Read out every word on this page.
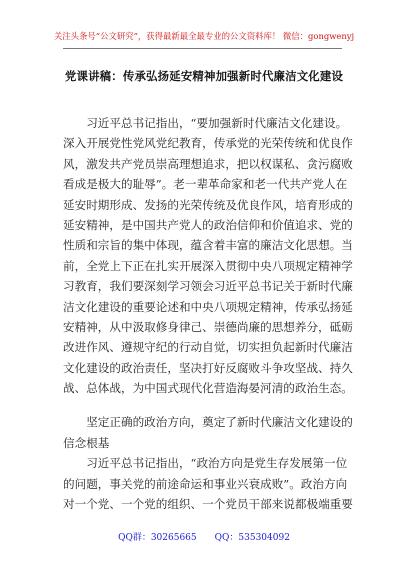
关注头条号“公文研究”，获得最新最全最专业的公文资料库！ 微信：gongwenyj
党课讲稿：传承弘扬延安精神加强新时代廉洁文化建设
　　习近平总书记指出，“要加强新时代廉洁文化建设。
深入开展党性党风党纪教育，传承党的光荣传统和优良作
风，激发共产党员崇高理想追求，把以权谋私、贪污腐败
看成是极大的耻辱”。老一辈革命家和老一代共产党人在
延安时期形成、发扬的光荣传统及优良作风，培育形成的
延安精神，是中国共产党人的政治信仰和价值追求、党的
性质和宗旨的集中体现，蕴含着丰富的廉洁文化思想。当
前，全党上下正在扎实开展深入贯彻中央八项规定精神学
习教育，我们要深刻学习领会习近平总书记关于新时代廉
洁文化建设的重要论述和中央八项规定精神，传承弘扬延
安精神，从中汲取修身律己、崇德尚廉的思想养分，砥砺
改进作风、遵规守纪的行动自觉，切实担负起新时代廉洁
文化建设的政治责任，坚决打好反腐败斗争攻坚战、持久
战、总体战，为中国式现代化营造海晏河清的政治生态。
　　坚定正确的政治方向，奠定了新时代廉洁文化建设的
信念根基
　　习近平总书记指出，“政治方向是党生存发展第一位
的问题，事关党的前途命运和事业兴衰成败”。政治方向
对一个党、一个党的组织、一个党员干部来说都极端重要
QQ群：30265665 QQ：535304092
